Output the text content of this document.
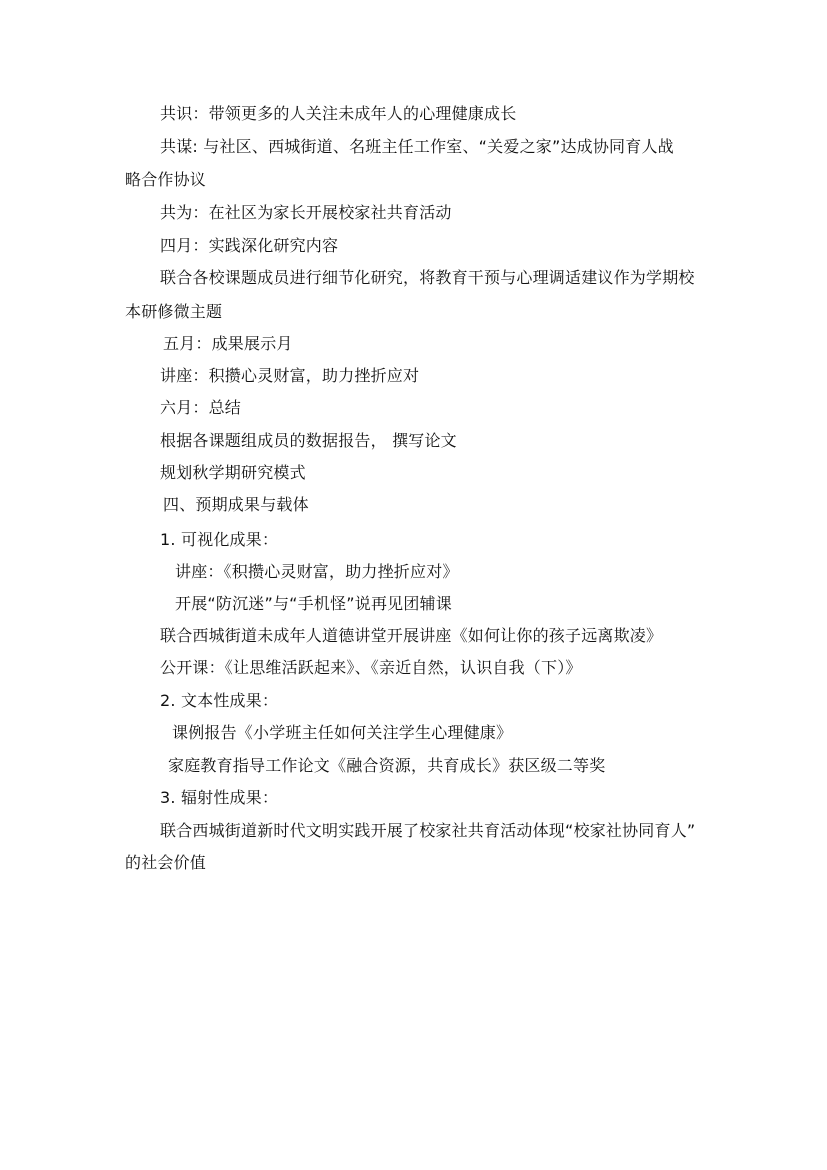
共识：带领更多的人关注未成年人的心理健康成长
共谋: 与社区、西城街道、名班主任工作室、“关爱之家”达成协同育人战
略合作协议
共为：在社区为家长开展校家社共育活动
四月：实践深化研究内容
联合各校课题成员进行细节化研究，将教育干预与心理调适建议作为学期校
本研修微主题
五月：成果展示月
讲座：积攒心灵财富，助力挫折应对
六月：总结
根据各课题组成员的数据报告， 撰写论文
规划秋学期研究模式
四、预期成果与载体
1. 可视化成果：
讲座：《积攒心灵财富，助力挫折应对》
开展“防沉迷”与“手机怪”说再见团辅课
联合西城街道未成年人道德讲堂开展讲座《如何让你的孩子远离欺凌》
公开课：《让思维活跃起来》、《亲近自然，认识自我（下）》
2. 文本性成果：
课例报告《小学班主任如何关注学生心理健康》
家庭教育指导工作论文《融合资源，共育成长》获区级二等奖
3. 辐射性成果：
联合西城街道新时代文明实践开展了校家社共育活动体现“校家社协同育人”
的社会价值
